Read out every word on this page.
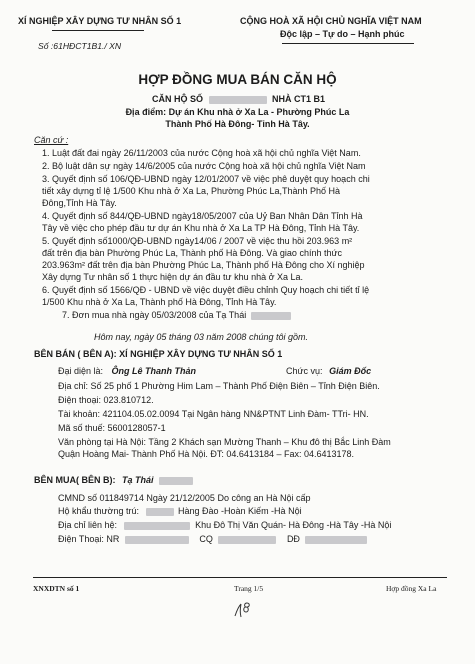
XÍ NGHIỆP XÂY DỰNG TƯ NHÂN SỐ 1
Số :61HĐCT1B1./ XN
CỘNG HOÀ XÃ HỘI CHỦ NGHĨA VIỆT NAM
Độc lập – Tự do – Hạnh phúc
HỢP ĐỒNG MUA BÁN CĂN HỘ
CĂN HỘ SỐ	NHÀ CT1 B1
Địa điểm: Dự án Khu nhà ở Xa La - Phường Phúc La
Thành Phố Hà Đông- Tỉnh Hà Tây.
Căn cứ :
1. Luật đất đai ngày 26/11/2003 của nước Cộng hoà xã hội chủ nghĩa Việt Nam.
2. Bộ luật dân sự ngày 14/6/2005 của nước Cộng hoà xã hội chủ nghĩa Việt Nam
3. Quyết định số 106/QĐ-UBND ngày 12/01/2007 về việc phê duyệt quy hoạch chi
tiết xây dựng tỉ lệ 1/500 Khu nhà ở Xa La, Phường Phúc La,Thành Phố Hà
Đông,Tỉnh Hà Tây.
4. Quyết định số 844/QĐ-UBND ngày18/05/2007 của Uỷ Ban Nhân Dân Tỉnh Hà
Tây về việc cho phép đầu tư dự án Khu nhà ở Xa La TP Hà Đông, Tỉnh Hà Tây.
5. Quyết định số1000/QĐ-UBND ngày14/06 / 2007 về việc thu hồi 203.963 m²
đất trên địa bàn Phường Phúc La, Thành phố Hà Đông. Và giao chính thức
203.963m² đất trên địa bàn Phường Phúc La, Thành phố Hà Đông cho Xí nghiệp
Xây dựng Tư nhân số 1 thực hiện dự án đầu tư khu nhà ở Xa La.
6. Quyết định số 1566/QĐ - UBND về việc duyệt điều chỉnh Quy hoạch chi tiết tỉ lệ
1/500 Khu nhà ở Xa La, Thành phố Hà Đông, Tỉnh Hà Tây.
7. Đơn mua nhà ngày 05/03/2008 của Tạ Thái
Hôm nay, ngày 05 tháng 03 năm 2008 chúng tôi gồm.
BÊN BÁN ( BÊN A): XÍ NGHIỆP XÂY DỰNG TƯ NHÂN SỐ 1
Đại diện là: Ông Lê Thanh Thản	Chức vụ: Giám Đốc
Địa chỉ: Số 25 phố 1 Phường Him Lam – Thành Phố Điện Biên – Tỉnh Điện Biên.
Điện thoại: 023.810712.
Tài khoản: 421104.05.02.0094 Tại Ngân hàng NN&PTNT Linh Đàm- TTri- HN.
Mã số thuế: 5600128057-1
Văn phòng tại Hà Nội: Tầng 2 Khách sạn Mường Thanh – Khu đô thị Bắc Linh Đàm
Quận Hoàng Mai- Thành Phố Hà Nội. ĐT: 04.6413184 – Fax: 04.6413178.
BÊN MUA( BÊN B): Tạ Thái
CMND số 011849714 Ngày 21/12/2005 Do công an Hà Nội cấp
Hộ khẩu thường trú:	Hàng Đào -Hoàn Kiếm -Hà Nội
Địa chỉ liên hệ:	Khu Đô Thị Văn Quán- Hà Đông -Hà Tây -Hà Nội
Điện Thoại: NR	CQ	DĐ
XNXDTN số 1	Trang 1/5	Hợp đồng Xa La
